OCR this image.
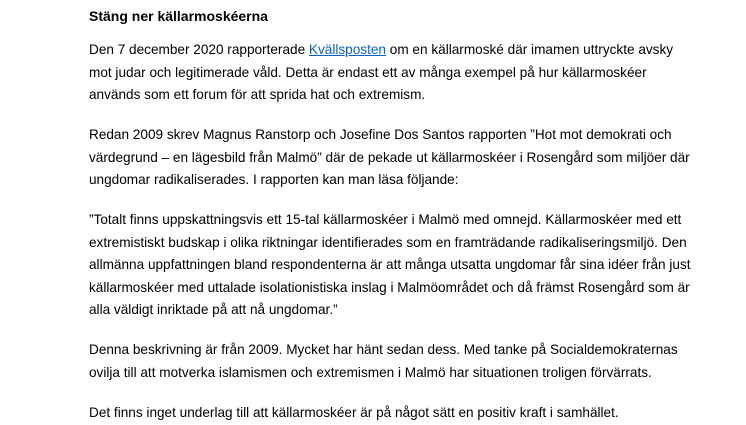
Stäng ner källarmoskéerna

Den 7 december 2020 rapporterade Kvällsposten om en källarmoské där imamen uttryckte avsky
mot judar och legitimerade våld. Detta är endast ett av många exempel på hur källarmoskéer
används som ett forum för att sprida hat och extremism.

Redan 2009 skrev Magnus Ranstorp och Josefine Dos Santos rapporten ”Hot mot demokrati och
värdegrund – en lägesbild från Malmö” där de pekade ut källarmoskéer i Rosengård som miljöer där
ungdomar radikaliserades. I rapporten kan man läsa följande:

”Totalt finns uppskattningsvis ett 15-tal källarmoskéer i Malmö med omnejd. Källarmoskéer med ett
extremistiskt budskap i olika riktningar identifierades som en framträdande radikaliseringsmiljö. Den
allmänna uppfattningen bland respondenterna är att många utsatta ungdomar får sina idéer från just
källarmoskéer med uttalade isolationistiska inslag i Malmöområdet och då främst Rosengård som är
alla väldigt inriktade på att nå ungdomar.”

Denna beskrivning är från 2009. Mycket har hänt sedan dess. Med tanke på Socialdemokraternas
ovilja till att motverka islamismen och extremismen i Malmö har situationen troligen förvärrats.

Det finns inget underlag till att källarmoskéer är på något sätt en positiv kraft i samhället.
